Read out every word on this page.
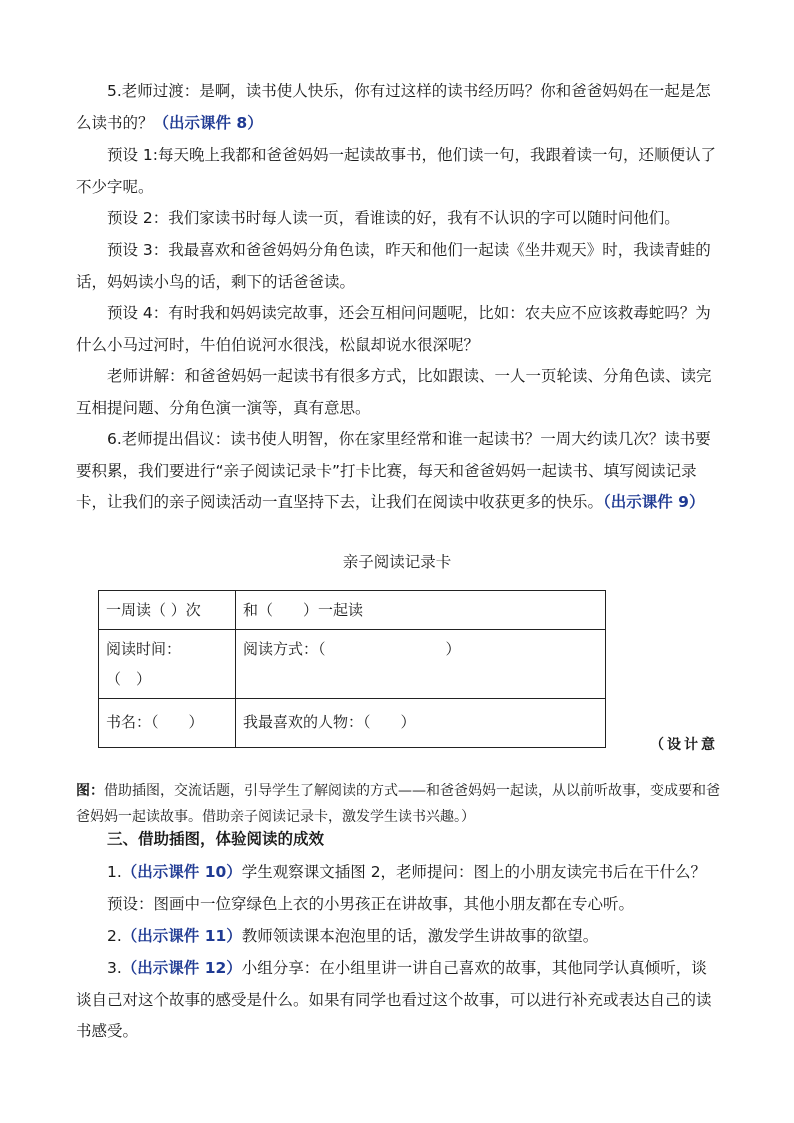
5.老师过渡：是啊，读书使人快乐，你有过这样的读书经历吗？你和爸爸妈妈在一起是怎么读书的？（出示课件 8）

预设 1:每天晚上我都和爸爸妈妈一起读故事书，他们读一句，我跟着读一句，还顺便认了不少字呢。

预设 2：我们家读书时每人读一页，看谁读的好，我有不认识的字可以随时问他们。

预设 3：我最喜欢和爸爸妈妈分角色读，昨天和他们一起读《坐井观天》时，我读青蛙的话，妈妈读小鸟的话，剩下的话爸爸读。

预设 4：有时我和妈妈读完故事，还会互相问问题呢，比如：农夫应不应该救毒蛇吗？为什么小马过河时，牛伯伯说河水很浅，松鼠却说水很深呢？

老师讲解：和爸爸妈妈一起读书有很多方式，比如跟读、一人一页轮读、分角色读、读完互相提问题、分角色演一演等，真有意思。

6.老师提出倡议：读书使人明智，你在家里经常和谁一起读书？一周大约读几次？读书要要积累，我们要进行“亲子阅读记录卡”打卡比赛，每天和爸爸妈妈一起读书、填写阅读记录卡，让我们的亲子阅读活动一直坚持下去，让我们在阅读中收获更多的快乐。（出示课件 9）

亲子阅读记录卡
一周读（ ）次	和（　　）一起读
阅读时间：
（　）	阅读方式：（　　　　　　　　）
书名：（　　）	我最喜欢的人物：（　　）
（设计意

图：借助插图，交流话题，引导学生了解阅读的方式——和爸爸妈妈一起读，从以前听故事，变成要和爸爸妈妈一起读故事。借助亲子阅读记录卡，激发学生读书兴趣。）

三、借助插图，体验阅读的成效

1.（出示课件 10）学生观察课文插图 2，老师提问：图上的小朋友读完书后在干什么？

预设：图画中一位穿绿色上衣的小男孩正在讲故事，其他小朋友都在专心听。

2.（出示课件 11）教师领读课本泡泡里的话，激发学生讲故事的欲望。

3.（出示课件 12）小组分享：在小组里讲一讲自己喜欢的故事，其他同学认真倾听，谈谈自己对这个故事的感受是什么。如果有同学也看过这个故事，可以进行补充或表达自己的读书感受。
